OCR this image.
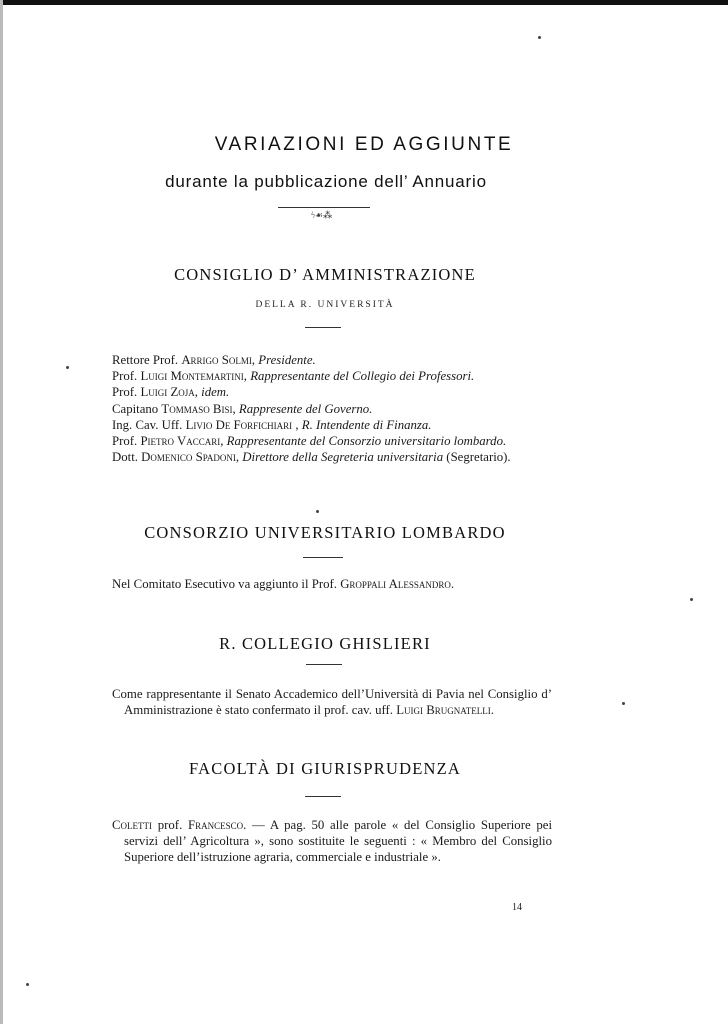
VARIAZIONI ED AGGIUNTE
durante la pubblicazione dell’ Annuario
ϟ☙⁂
CONSIGLIO D’ AMMINISTRAZIONE
DELLA R. UNIVERSITÀ
Rettore Prof. Arrigo Solmi, Presidente.
Prof. Luigi Montemartini, Rappresentante del Collegio dei Professori.
Prof. Luigi Zoja, idem.
Capitano Tommaso Bisi, Rappresente del Governo.
Ing. Cav. Uff. Livio De Forfichiari , R. Intendente di Finanza.
Prof. Pietro Vaccari, Rappresentante del Consorzio universitario lombardo.
Dott. Domenico Spadoni, Direttore della Segreteria universitaria (Segretario).
CONSORZIO UNIVERSITARIO LOMBARDO

Nel Comitato Esecutivo va aggiunto il Prof. Groppali Alessandro.

R. COLLEGIO GHISLIERI

Come rappresentante il Senato Accademico dell’Università di Pavia nel Consiglio d’ Amministrazione è stato confermato il prof. cav. uff. Luigi Brugnatelli.

FACOLTÀ DI GIURISPRUDENZA

Coletti prof. Francesco. — A pag. 50 alle parole « del Consiglio Superiore pei servizi dell’ Agricoltura », sono sostituite le seguenti : « Membro del Consiglio Superiore dell’istruzione agraria, commerciale e industriale ».

14
